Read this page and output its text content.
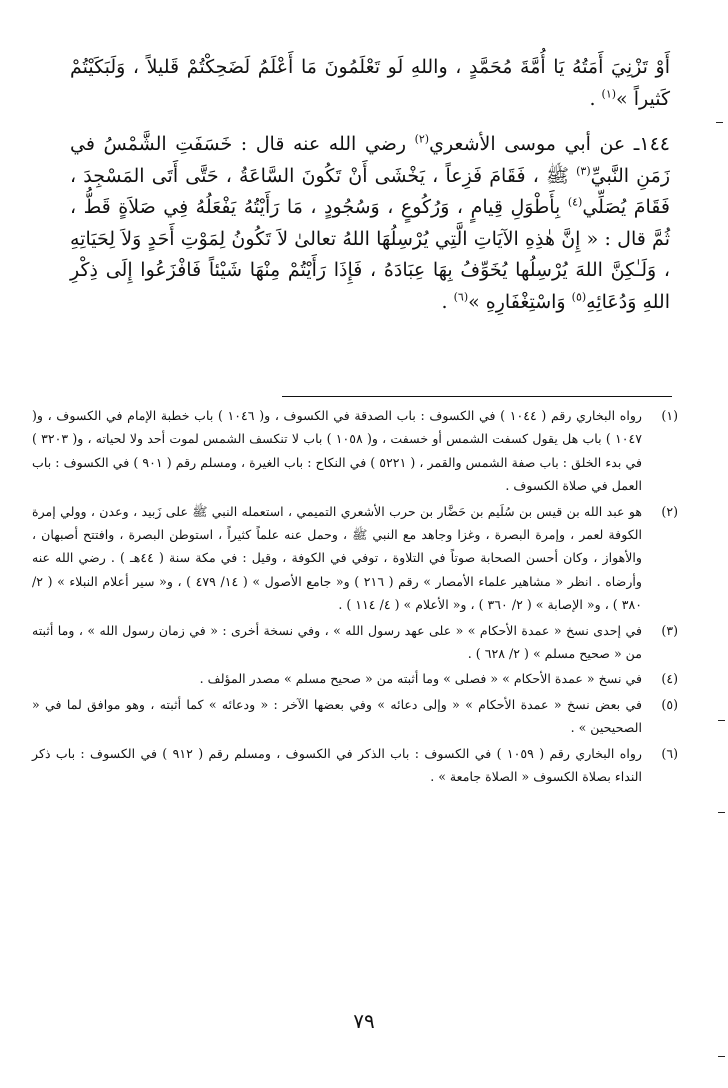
أَوْ تَزْنِيَ أَمَتُهُ يَا أُمَّةَ مُحَمَّدٍ ، واللهِ لَو تَعْلَمُونَ مَا أَعْلَمُ لَضَحِكْتُمْ قَليلاً ، وَلَبَكَيْتُمْ كَثيراً »$^{(١)}$ .

١٤٤ـ عن أبي موسى الأشعري$^{(٢)}$ رضي الله عنه قال : خَسَفَتِ الشَّمْسُ في زَمَنِ النَّبيِّ$^{(٣)}$ ﷺ ، فَقَامَ فَزِعاً ، يَخْشَى أَنْ تَكُونَ السَّاعَةُ ، حَتَّى أَتَى المَسْجِدَ ، فَقَامَ يُصَلِّي$^{(٤)}$ بِأَطْوَلِ قِيامٍ ، وَرُكُوعٍ ، وَسُجُودٍ ، مَا رَأَيْتُهُ يَفْعَلُهُ فِي صَلاَةٍ قَطُّ ، ثُمَّ قال : « إِنَّ هٰذِهِ الآيَاتِ الَّتِي يُرْسِلُهَا اللهُ تعالىٰ لاَ تَكُونُ لِمَوْتِ أَحَدٍ وَلاَ لِحَيَاتِهِ ، وَلَـٰكِنَّ اللهَ يُرْسِلُها يُخَوِّفُ بِهَا عِبَادَهُ ، فَإِذَا رَأَيْتُمْ مِنْهَا شَيْئاً فَافْزَعُوا إِلَى ذِكْرِ اللهِ وَدُعَائِهِ$^{(٥)}$ وَاسْتِغْفَارِهِ »$^{(٦)}$ .

(١)
رواه البخاري رقم ( ١٠٤٤ ) في الكسوف : باب الصدقة في الكسوف ، و( ١٠٤٦ ) باب خطبة الإمام في الكسوف ، و( ١٠٤٧ ) باب هل يقول كسفت الشمس أو خسفت ، و( ١٠٥٨ ) باب لا تنكسف الشمس لموت أحد ولا لحياته ، و( ٣٢٠٣ ) في بدء الخلق : باب صفة الشمس والقمر ، ( ٥٢٢١ ) في النكاح : باب الغيرة ، ومسلم رقم ( ٩٠١ ) في الكسوف : باب العمل في صلاة الكسوف .
(٢)
هو عبد الله بن قيس بن سُلَيم بن حَضَّار بن حرب الأشعري التميمي ، استعمله النبي ﷺ على زَبيد ، وعدن ، وولي إمرة الكوفة لعمر ، وإمرة البصرة ، وغزا وجاهد مع النبي ﷺ ، وحمل عنه علماً كثيراً ، استوطن البصرة ، وافتتح أصبهان ، والأهواز ، وكان أحسن الصحابة صوتاً في التلاوة ، توفي في الكوفة ، وقيل : في مكة سنة ( ٤٤هـ ) . رضي الله عنه وأرضاه . انظر « مشاهير علماء الأمصار » رقم ( ٢١٦ ) و« جامع الأصول » ( ١٤/ ٤٧٩ ) ، و« سير أعلام النبلاء » ( ٢/ ٣٨٠ ) ، و« الإصابة » ( ٢/ ٣٦٠ ) ، و« الأعلام » ( ٤/ ١١٤ ) .
(٣)
في إحدى نسخ « عمدة الأحكام » « على عهد رسول الله » ، وفي نسخة أخرى : « في زمان رسول الله » ، وما أثبته من « صحيح مسلم » ( ٢/ ٦٢٨ ) .
(٤)
في نسخ « عمدة الأحكام » « فصلى » وما أثبته من « صحيح مسلم » مصدر المؤلف .
(٥)
في بعض نسخ « عمدة الأحكام » « وإلى دعائه » وفي بعضها الآخر : « ودعائه » كما أثبته ، وهو موافق لما في « الصحيحين » .
(٦)
رواه البخاري رقم ( ١٠٥٩ ) في الكسوف : باب الذكر في الكسوف ، ومسلم رقم ( ٩١٢ ) في الكسوف : باب ذكر النداء بصلاة الكسوف « الصلاة جامعة » .
٧٩
